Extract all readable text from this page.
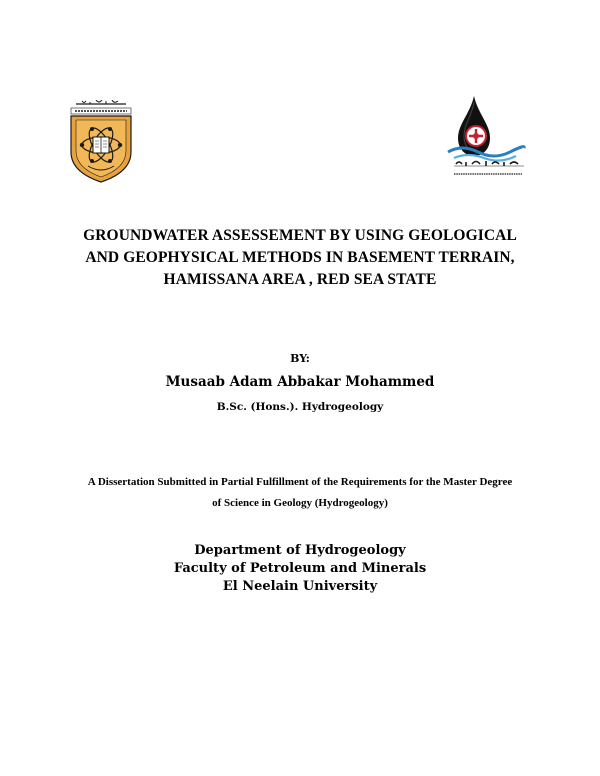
GROUNDWATER ASSESSEMENT BY USING GEOLOGICAL
AND GEOPHYSICAL METHODS IN BASEMENT TERRAIN,
HAMISSANA AREA , RED SEA STATE
BY:
Musaab Adam Abbakar Mohammed
B.Sc. (Hons.). Hydrogeology
A Dissertation Submitted in Partial Fulfillment of the Requirements for the Master Degree
of Science in Geology (Hydrogeology)
Department of Hydrogeology
Faculty of Petroleum and Minerals
El Neelain University
